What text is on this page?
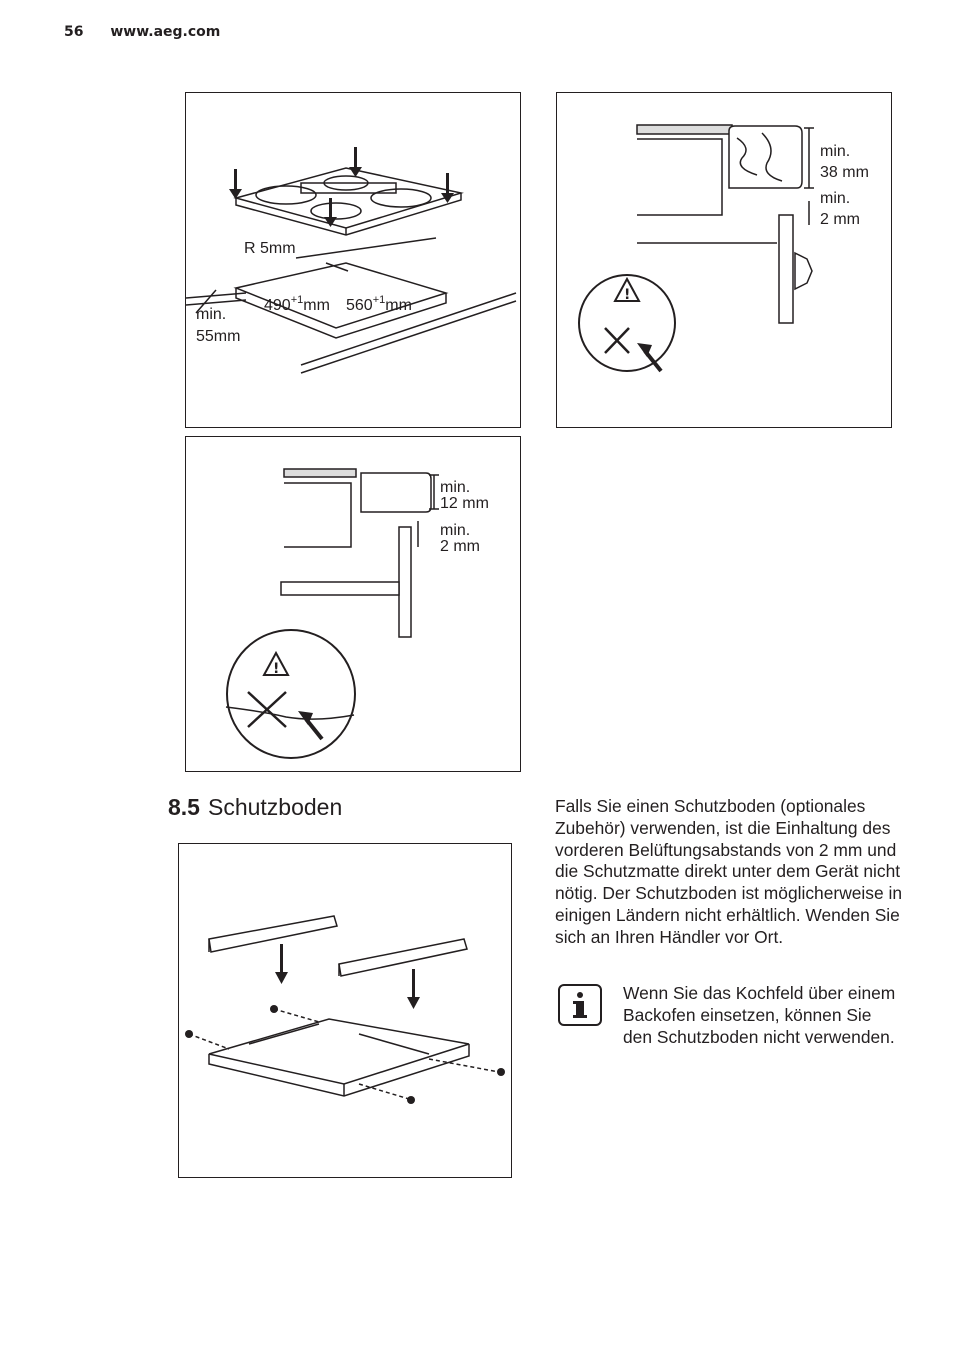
56 www.aeg.com
R 5mm
$490^{+1}mm$ $560^{+1}mm$
min.
55mm
!
min.
38 mm
min.
2 mm
!
min.
12 mm
min.
2 mm
8.5 Schutzboden	Falls Sie einen Schutzboden (optionales Zubehör) verwenden, ist die Einhaltung des vorderen Belüftungsabstands von 2 mm und die Schutzmatte direkt unter dem Gerät nicht nötig. Der Schutzboden ist möglicherweise in einigen Ländern nicht erhältlich. Wenden Sie sich an Ihren Händler vor Ort.
Wenn Sie das Kochfeld über einem Backofen einsetzen, können Sie den Schutzboden nicht verwenden.
